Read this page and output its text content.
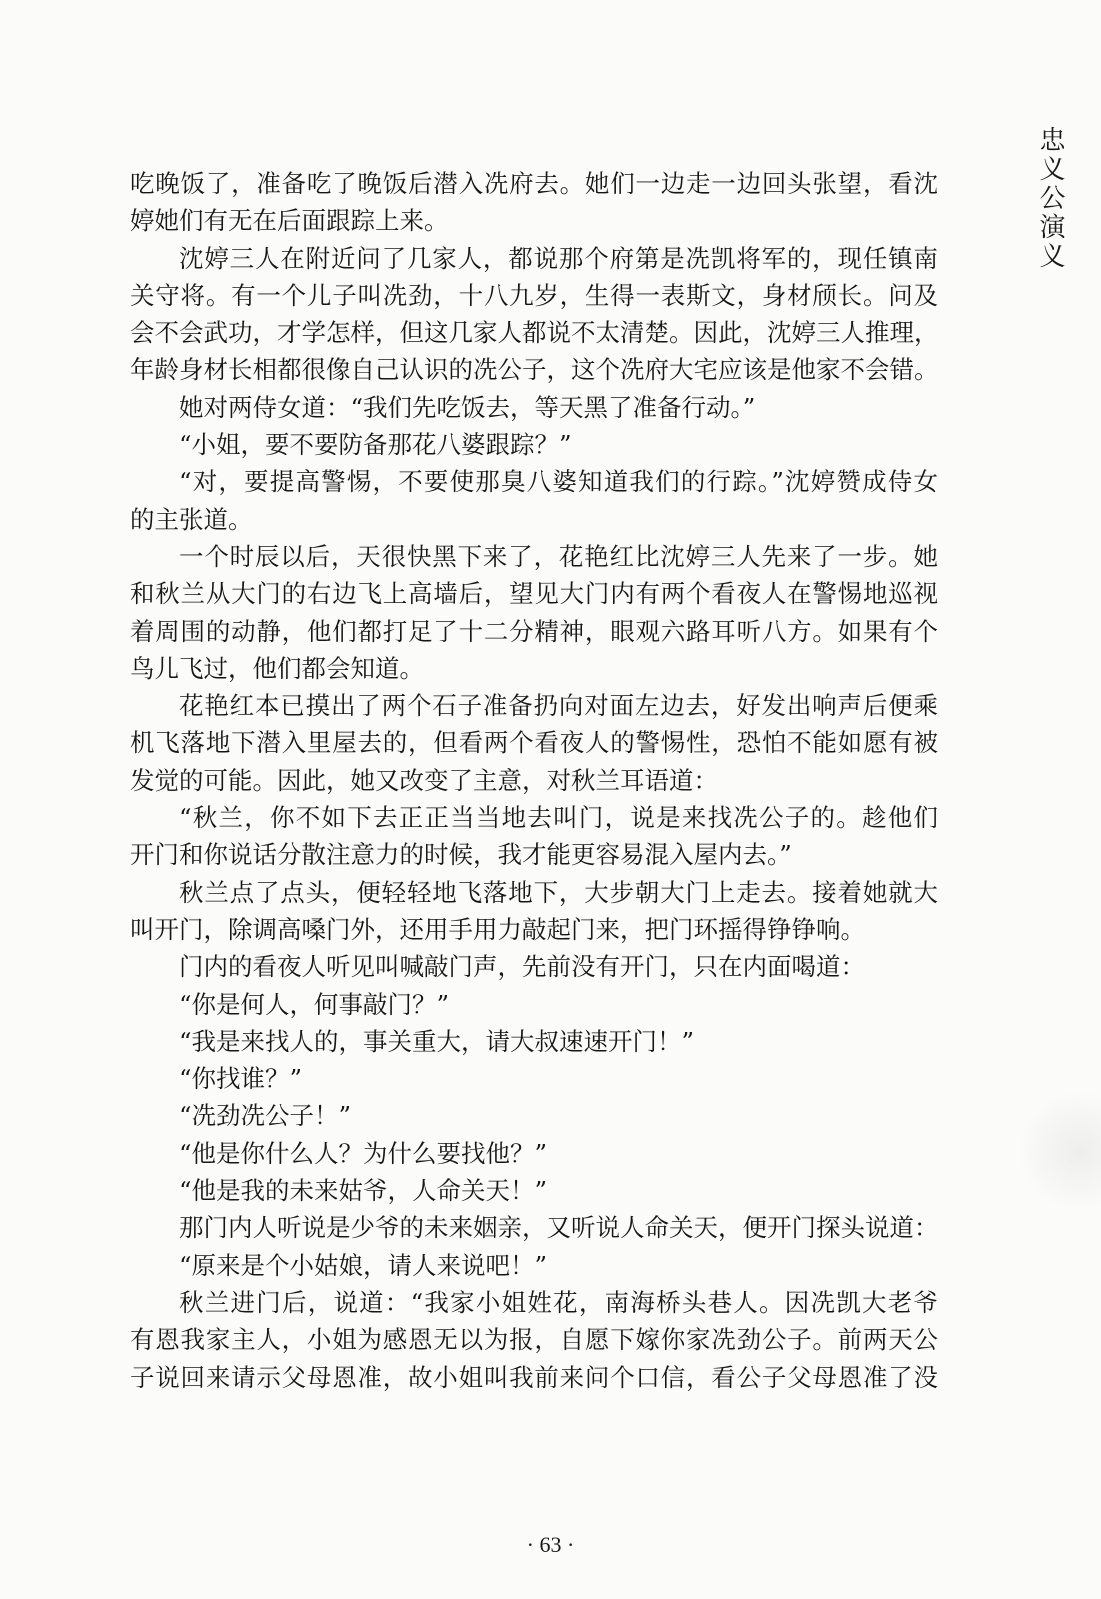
忠义公演义
吃晚饭了，准备吃了晚饭后潜入冼府去。她们一边走一边回头张望，看沈
婷她们有无在后面跟踪上来。
沈婷三人在附近问了几家人，都说那个府第是冼凯将军的，现任镇南
关守将。有一个儿子叫冼劲，十八九岁，生得一表斯文，身材颀长。问及
会不会武功，才学怎样，但这几家人都说不太清楚。因此，沈婷三人推理，
年龄身材长相都很像自己认识的冼公子，这个冼府大宅应该是他家不会错。
她对两侍女道：“我们先吃饭去，等天黑了准备行动。”
“小姐，要不要防备那花八婆跟踪？”
“对，要提高警惕，不要使那臭八婆知道我们的行踪。”沈婷赞成侍女
的主张道。
一个时辰以后，天很快黑下来了，花艳红比沈婷三人先来了一步。她
和秋兰从大门的右边飞上高墙后，望见大门内有两个看夜人在警惕地巡视
着周围的动静，他们都打足了十二分精神，眼观六路耳听八方。如果有个
鸟儿飞过，他们都会知道。
花艳红本已摸出了两个石子准备扔向对面左边去，好发出响声后便乘
机飞落地下潜入里屋去的，但看两个看夜人的警惕性，恐怕不能如愿有被
发觉的可能。因此，她又改变了主意，对秋兰耳语道：
“秋兰，你不如下去正正当当地去叫门，说是来找冼公子的。趁他们
开门和你说话分散注意力的时候，我才能更容易混入屋内去。”
秋兰点了点头，便轻轻地飞落地下，大步朝大门上走去。接着她就大
叫开门，除调高嗓门外，还用手用力敲起门来，把门环摇得铮铮响。
门内的看夜人听见叫喊敲门声，先前没有开门，只在内面喝道：
“你是何人，何事敲门？”
“我是来找人的，事关重大，请大叔速速开门！”
“你找谁？”
“冼劲冼公子！”
“他是你什么人？为什么要找他？”
“他是我的未来姑爷，人命关天！”
那门内人听说是少爷的未来姻亲，又听说人命关天，便开门探头说道：
“原来是个小姑娘，请人来说吧！”
秋兰进门后，说道：“我家小姐姓花，南海桥头巷人。因冼凯大老爷
有恩我家主人，小姐为感恩无以为报，自愿下嫁你家冼劲公子。前两天公
子说回来请示父母恩准，故小姐叫我前来问个口信，看公子父母恩准了没
· 63 ·
